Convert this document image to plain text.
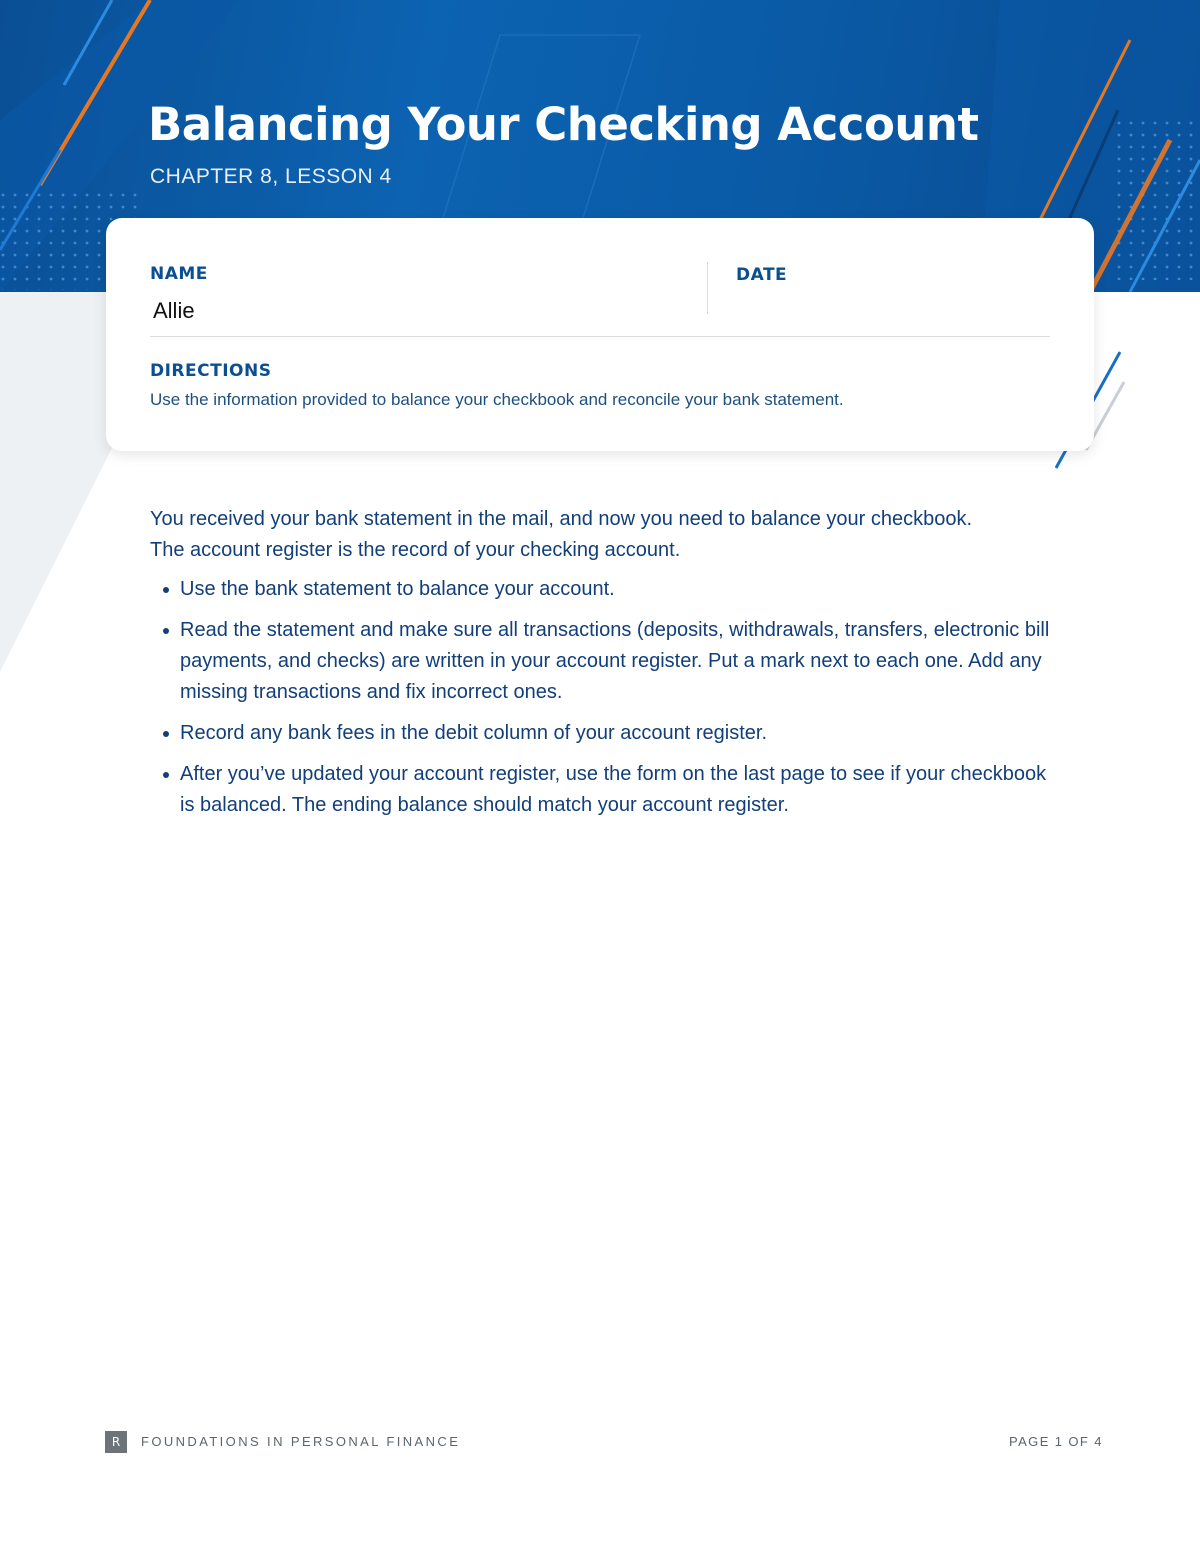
Balancing Your Checking Account
CHAPTER 8, LESSON 4
NAME
Allie
DATE
DIRECTIONS
Use the information provided to balance your checkbook and reconcile your bank statement.

You received your bank statement in the mail, and now you need to balance your checkbook.
The account register is the record of your checking account.

Use the bank statement to balance your account.
Read the statement and make sure all transactions (deposits, withdrawals, transfers, electronic bill payments, and checks) are written in your account register. Put a mark next to each one. Add any missing transactions and fix incorrect ones.
Record any bank fees in the debit column of your account register.
After you’ve updated your account register, use the form on the last page to see if your checkbook is balanced. The ending balance should match your account register.
R	FOUNDATIONS IN PERSONAL FINANCE	PAGE 1 OF 4
